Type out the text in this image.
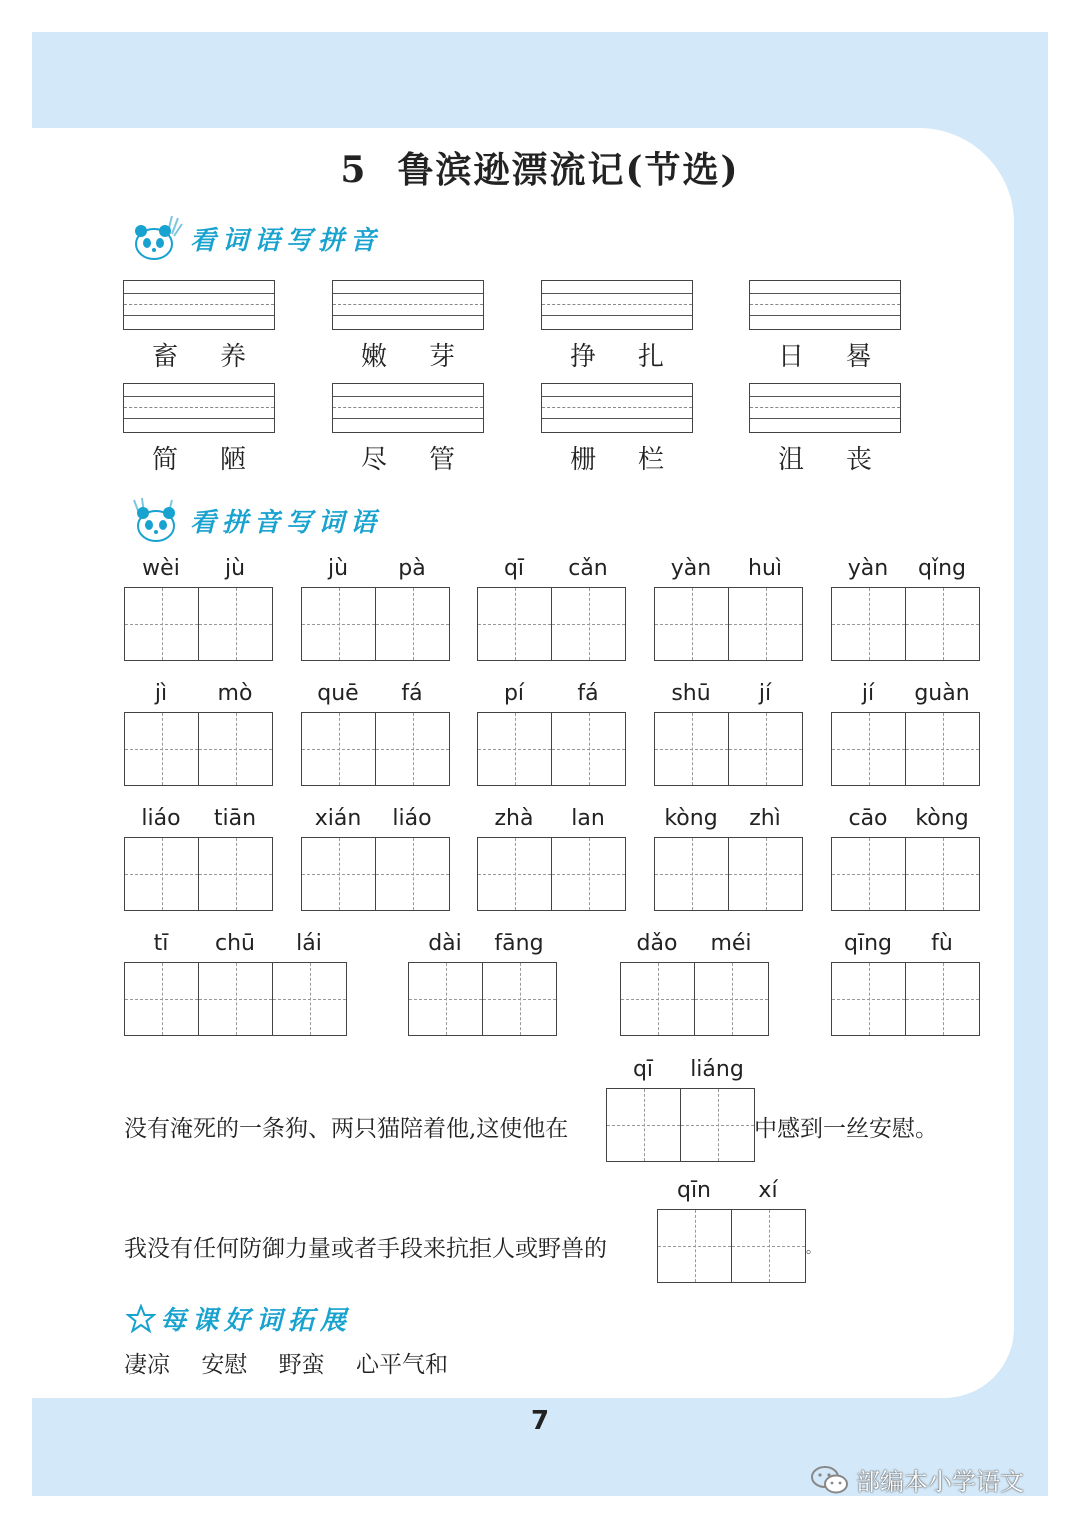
5 鲁滨逊漂流记(节选)
看词语写拼音
畜 养	嫩 芽	挣 扎	日 晷
简 陋	尽 管	栅 栏	沮 丧
看拼音写词语
wèi	jù	jù	pà	qī	cǎn	yàn	huì	yàn	qǐng
jì	mò	quē	fá	pí	fá	shū	jí	jí	guàn
liáo	tiān	xián	liáo	zhà	lan	kòng	zhì	cāo	kòng
tī	chū	lái	dài	fāng	dǎo	méi	qīng	fù
没有淹死的一条狗、两只猫陪着他,这使他在
qī	liáng
中感到一丝安慰。
我没有任何防御力量或者手段来抗拒人或野兽的
qīn	xí
。
每课好词拓展
凄凉 安慰 野蛮 心平气和
7
部编本小学语文
